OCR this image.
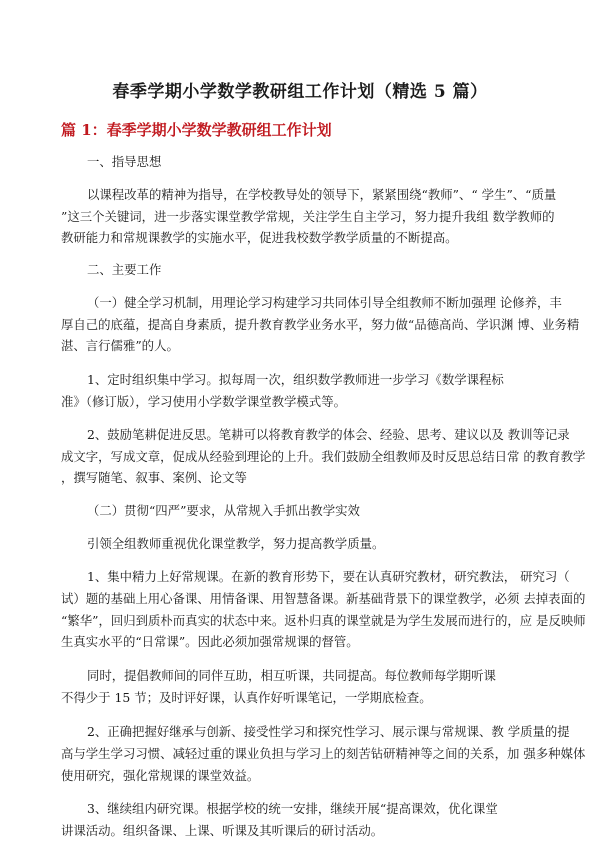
春季学期小学数学教研组工作计划（精选 5 篇）
篇 1：春季学期小学数学教研组工作计划
一、指导思想
以课程改革的精神为指导，在学校教导处的领导下，紧紧围绕“教师”、“ 学生”、“质量
”这三个关键词，进一步落实课堂教学常规，关注学生自主学习，努力提升我组 数学教师的
教研能力和常规课教学的实施水平，促进我校数学教学质量的不断提高。
二、主要工作
（一）健全学习机制，用理论学习构建学习共同体引导全组教师不断加强理 论修养，丰
厚自己的底蕴，提高自身素质，提升教育教学业务水平，努力做“品德高尚、学识渊 博、业务精
湛、言行儒雅”的人。
1、定时组织集中学习。拟每周一次，组织数学教师进一步学习《数学课程标
准》（修订版），学习使用小学数学课堂教学模式等。
2、鼓励笔耕促进反思。笔耕可以将教育教学的体会、经验、思考、建议以及 教训等记录
成文字，写成文章，促成从经验到理论的上升。我们鼓励全组教师及时反思总结日常 的教育教学
，撰写随笔、叙事、案例、论文等
（二）贯彻“四严”要求，从常规入手抓出教学实效
引领全组教师重视优化课堂教学，努力提高教学质量。
1、集中精力上好常规课。在新的教育形势下，要在认真研究教材，研究教法， 研究习（
试）题的基础上用心备课、用情备课、用智慧备课。新基础背景下的课堂教学，必须 去掉表面的
“繁华”，回归到质朴而真实的状态中来。返朴归真的课堂就是为学生发展而进行的，应 是反映师
生真实水平的“日常课”。因此必须加强常规课的督管。
同时，提倡教师间的同伴互助，相互听课，共同提高。每位教师每学期听课
不得少于 15 节；及时评好课，认真作好听课笔记，一学期底检查。
2、正确把握好继承与创新、接受性学习和探究性学习、展示课与常规课、教 学质量的提
高与学生学习习惯、减轻过重的课业负担与学习上的刻苦钻研精神等之间的关系，加 强多种媒体
使用研究，强化常规课的课堂效益。
3、继续组内研究课。根据学校的统一安排，继续开展“提高课效，优化课堂
讲课活动。组织备课、上课、听课及其听课后的研讨活动。
